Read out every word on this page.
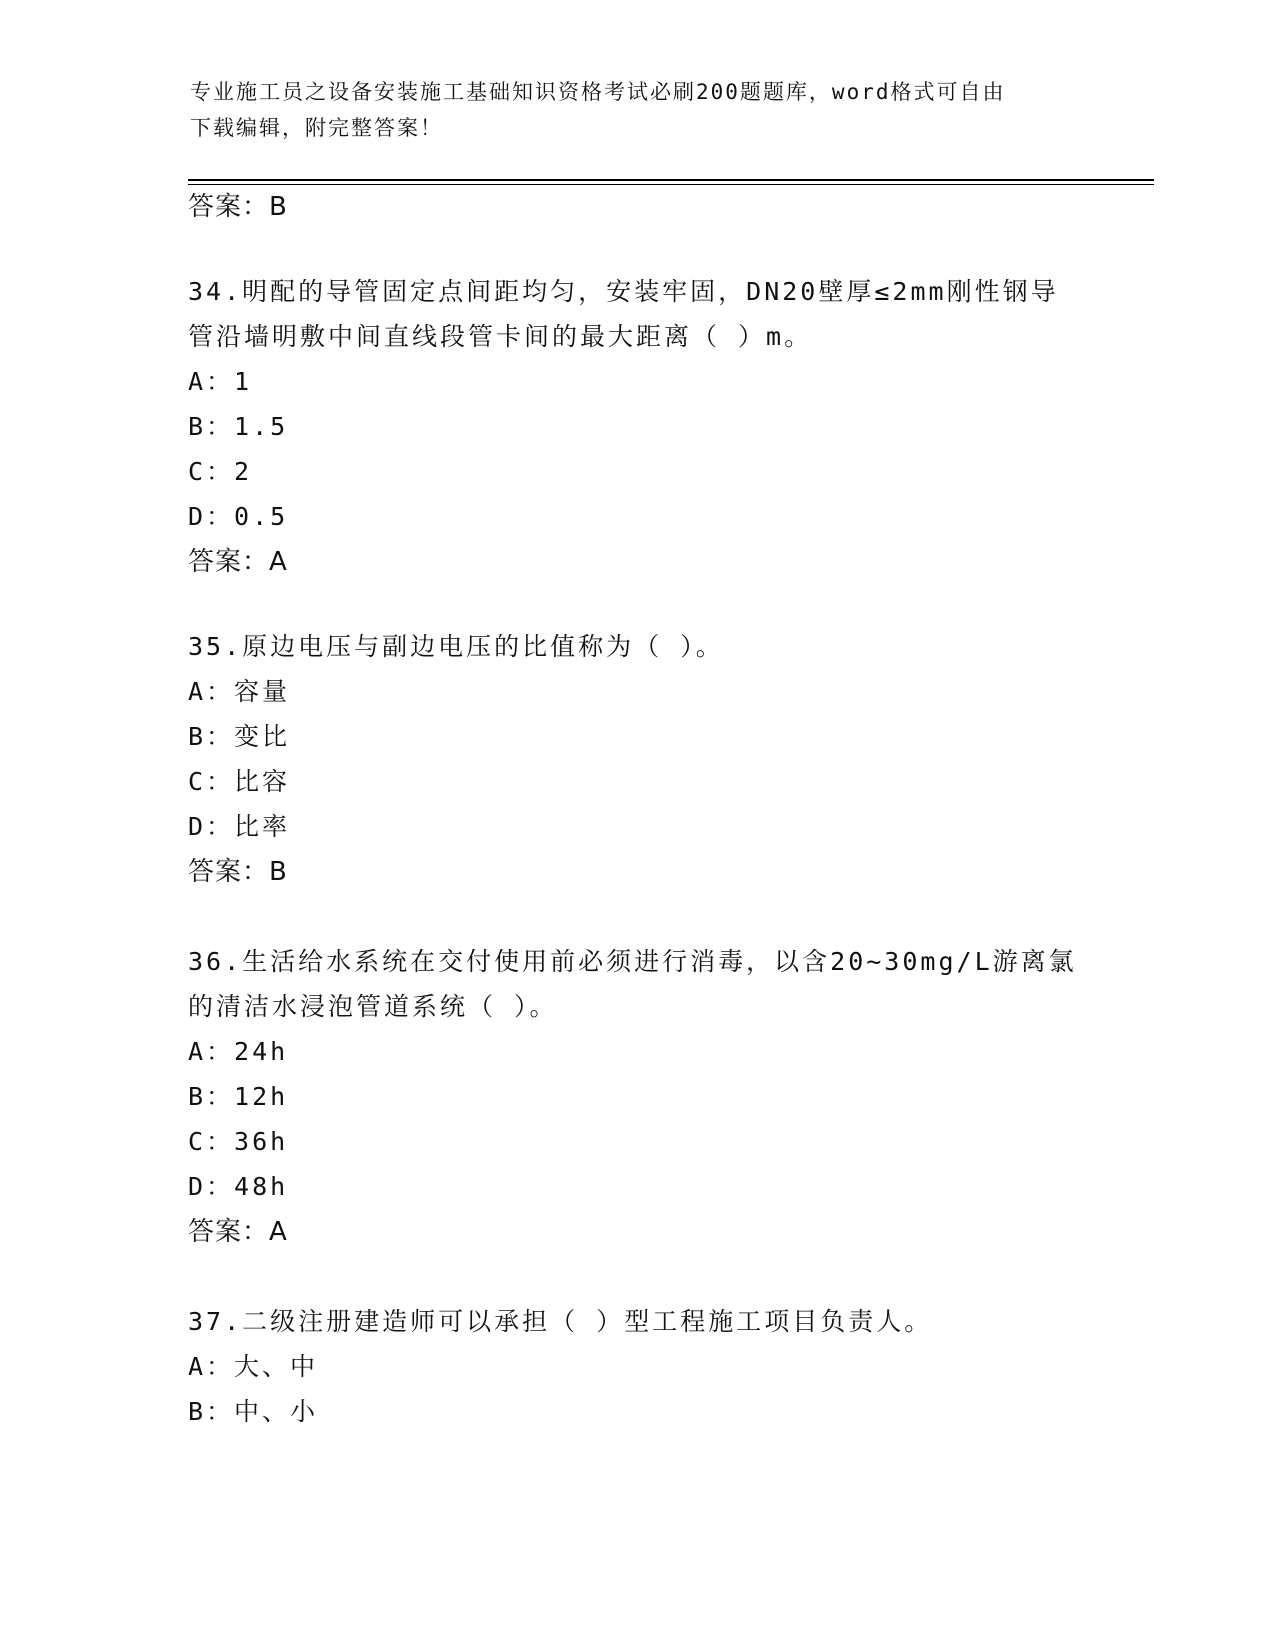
专业施工员之设备安装施工基础知识资格考试必刷200题题库，word格式可自由
下载编辑，附完整答案！
答案：B
34.明配的导管固定点间距均匀，安装牢固，DN20壁厚≤2mm刚性钢导
管沿墙明敷中间直线段管卡间的最大距离（ ）m。
A：1
B：1.5
C：2
D：0.5
答案：A
35.原边电压与副边电压的比值称为（ ）。
A：容量
B：变比
C：比容
D：比率
答案：B
36.生活给水系统在交付使用前必须进行消毒，以含20~30mg/L游离氯
的清洁水浸泡管道系统（ ）。
A：24h
B：12h
C：36h
D：48h
答案：A
37.二级注册建造师可以承担（ ）型工程施工项目负责人。
A：大、中
B：中、小
